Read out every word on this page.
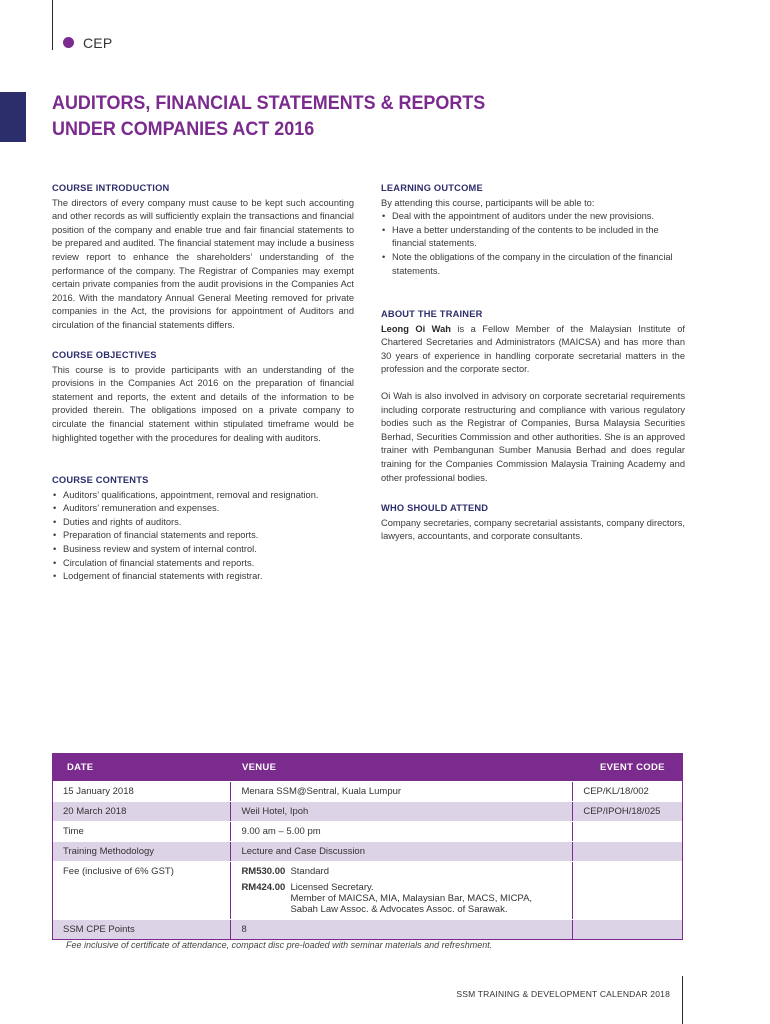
CEP
AUDITORS, FINANCIAL STATEMENTS & REPORTS
UNDER COMPANIES ACT 2016
COURSE INTRODUCTION
The directors of every company must cause to be kept such accounting and other records as will sufficiently explain the transactions and financial position of the company and enable true and fair financial statements to be prepared and audited. The financial statement may include a business review report to enhance the shareholders’ understanding of the performance of the company. The Registrar of Companies may exempt certain private companies from the audit provisions in the Companies Act 2016. With the mandatory Annual General Meeting removed for private companies in the Act, the provisions for appointment of Auditors and circulation of the financial statements differs.
COURSE OBJECTIVES
This course is to provide participants with an understanding of the provisions in the Companies Act 2016 on the preparation of financial statement and reports, the extent and details of the information to be provided therein. The obligations imposed on a private company to circulate the financial statement within stipulated timeframe would be highlighted together with the procedures for dealing with auditors.
COURSE CONTENTS
• Auditors’ qualifications, appointment, removal and resignation.
• Auditors’ remuneration and expenses.
• Duties and rights of auditors.
• Preparation of financial statements and reports.
• Business review and system of internal control.
• Circulation of financial statements and reports.
• Lodgement of financial statements with registrar.
LEARNING OUTCOME
By attending this course, participants will be able to:
• Deal with the appointment of auditors under the new provisions.
• Have a better understanding of the contents to be included in the financial statements.
• Note the obligations of the company in the circulation of the financial statements.
ABOUT THE TRAINER
Leong Oi Wah is a Fellow Member of the Malaysian Institute of Chartered Secretaries and Administrators (MAICSA) and has more than 30 years of experience in handling corporate secretarial matters in the profession and the corporate sector.
Oi Wah is also involved in advisory on corporate secretarial requirements including corporate restructuring and compliance with various regulatory bodies such as the Registrar of Companies, Bursa Malaysia Securities Berhad, Securities Commission and other authorities. She is an approved trainer with Pembangunan Sumber Manusia Berhad and does regular training for the Companies Commission Malaysia Training Academy and other professional bodies.
WHO SHOULD ATTEND
Company secretaries, company secretarial assistants, company directors, lawyers, accountants, and corporate consultants.
DATE	VENUE	EVENT CODE
15 January 2018	Menara SSM@Sentral, Kuala Lumpur	CEP/KL/18/002
20 March 2018	Weil Hotel, Ipoh	CEP/IPOH/18/025
Time	9.00 am – 5.00 pm
Training Methodology	Lecture and Case Discussion
Fee (inclusive of 6% GST)	RM530.00 Standard
RM424.00 Licensed Secretary.
Member of MAICSA, MIA, Malaysian Bar, MACS, MICPA,
Sabah Law Assoc. & Advocates Assoc. of Sarawak.
SSM CPE Points	8
Fee inclusive of certificate of attendance, compact disc pre-loaded with seminar materials and refreshment.
SSM TRAINING & DEVELOPMENT CALENDAR 2018
